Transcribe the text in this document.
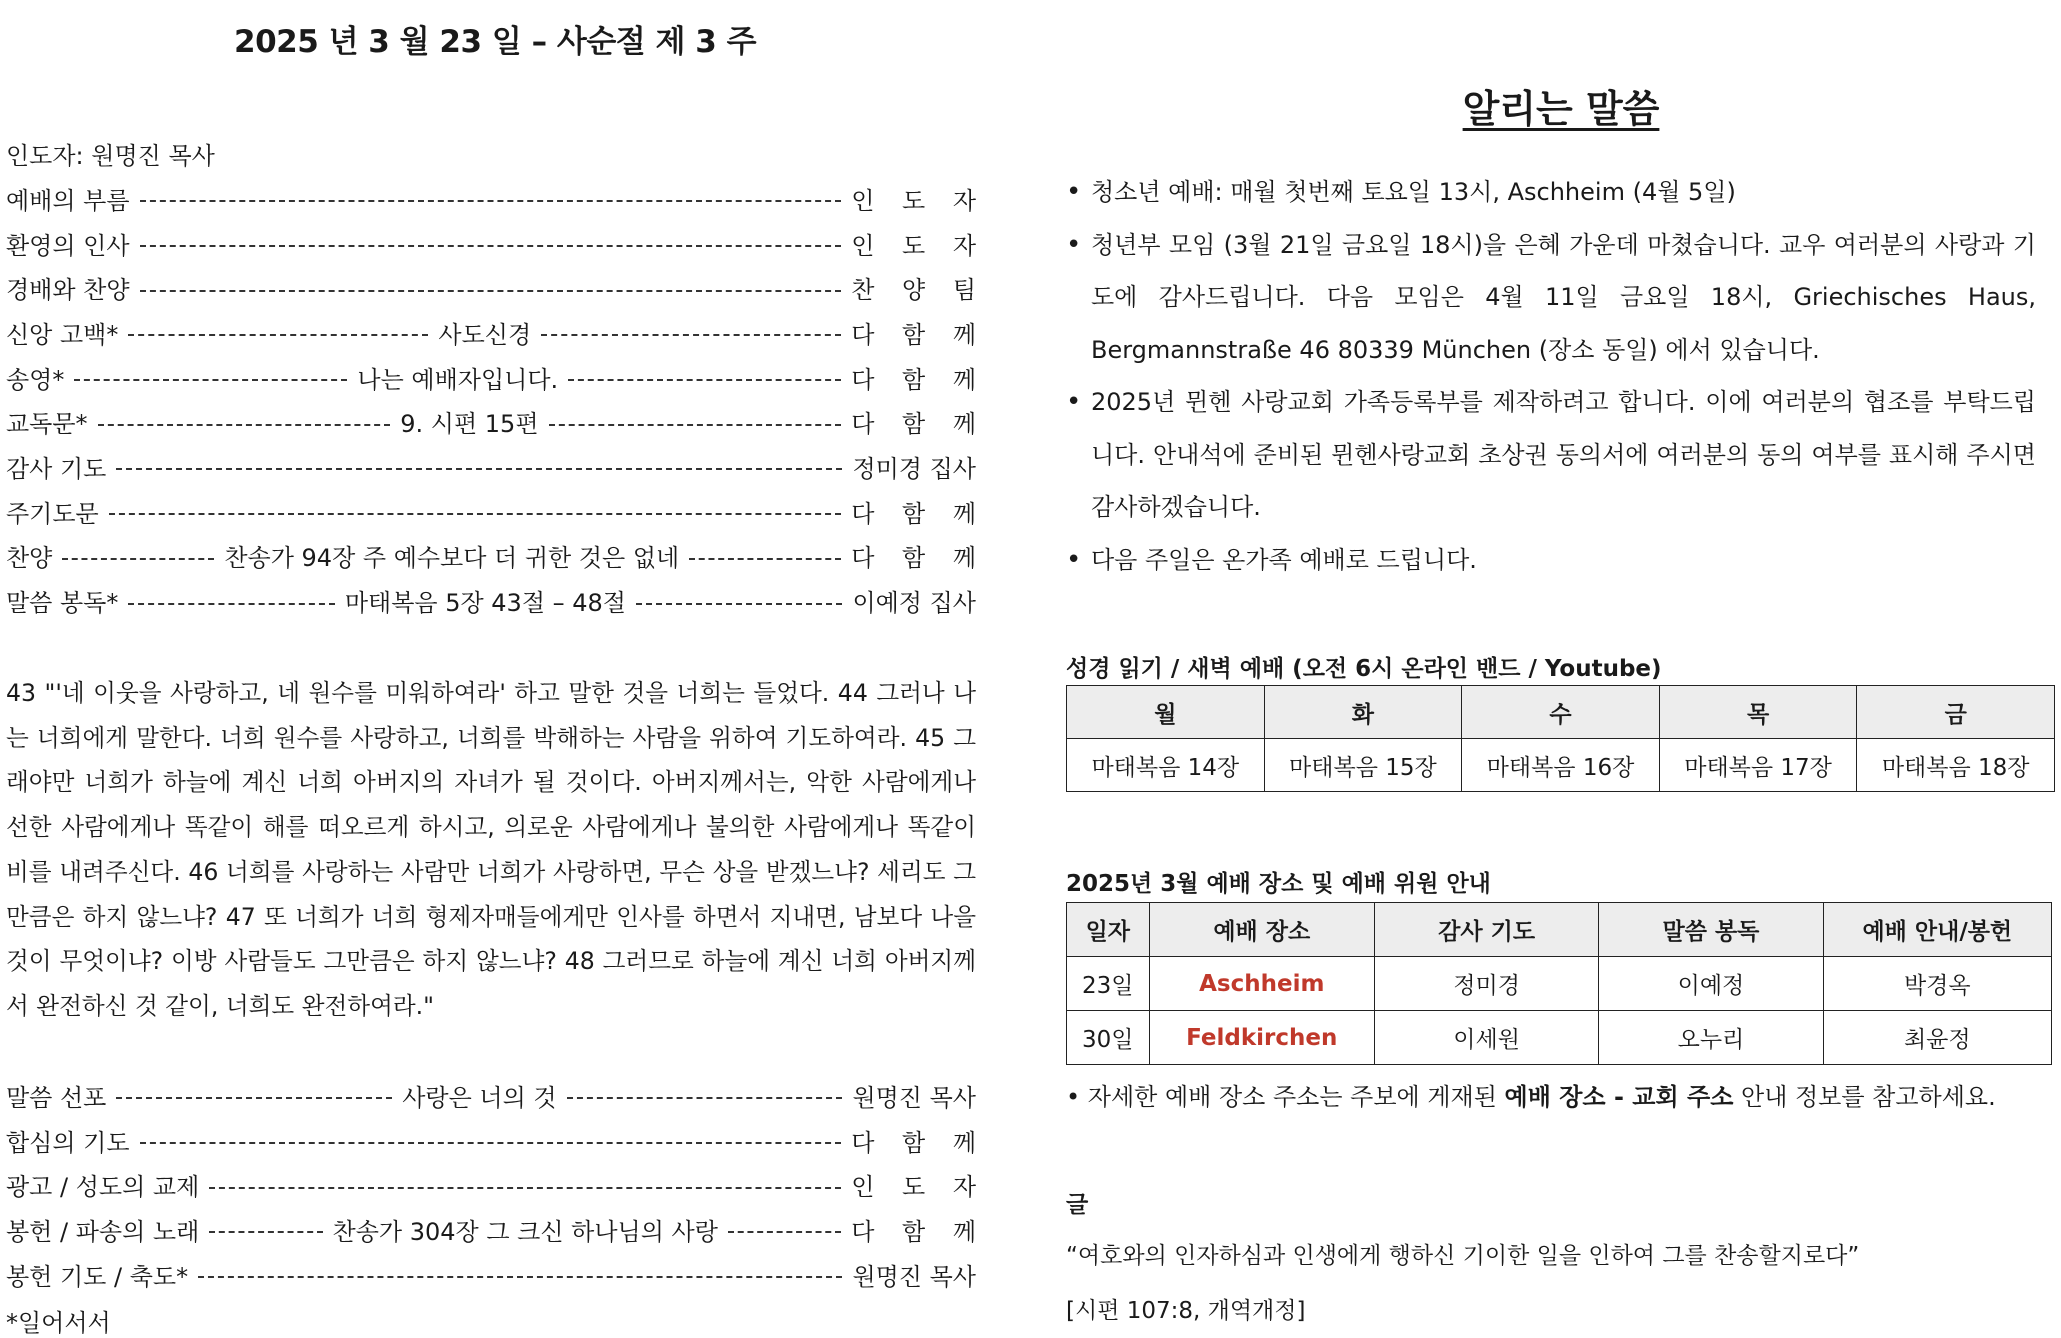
2025 년 3 월 23 일 – 사순절 제 3 주
인도자: 원명진 목사
예배의 부름	인 도 자
환영의 인사	인 도 자
경배와 찬양	찬 양 팀
신앙 고백*	사도신경	다 함 께
송영*	나는 예배자입니다.	다 함 께
교독문*	9. 시편 15편	다 함 께
감사 기도	정미경 집사
주기도문	다 함 께
찬양	찬송가 94장 주 예수보다 더 귀한 것은 없네	다 함 께
말씀 봉독*	마태복음 5장 43절 – 48절	이예정 집사
43 "'네 이웃을 사랑하고, 네 원수를 미워하여라' 하고 말한 것을 너희는 들었다. 44 그러나 나는 너희에게 말한다. 너희 원수를 사랑하고, 너희를 박해하는 사람을 위하여 기도하여라. 45 그래야만 너희가 하늘에 계신 너희 아버지의 자녀가 될 것이다. 아버지께서는, 악한 사람에게나 선한 사람에게나 똑같이 해를 떠오르게 하시고, 의로운 사람에게나 불의한 사람에게나 똑같이 비를 내려주신다. 46 너희를 사랑하는 사람만 너희가 사랑하면, 무슨 상을 받겠느냐? 세리도 그만큼은 하지 않느냐? 47 또 너희가 너희 형제자매들에게만 인사를 하면서 지내면, 남보다 나을 것이 무엇이냐? 이방 사람들도 그만큼은 하지 않느냐? 48 그러므로 하늘에 계신 너희 아버지께서 완전하신 것 같이, 너희도 완전하여라."
말씀 선포	사랑은 너의 것	원명진 목사
합심의 기도	다 함 께
광고 / 성도의 교제	인 도 자
봉헌 / 파송의 노래	찬송가 304장 그 크신 하나님의 사랑	다 함 께
봉헌 기도 / 축도*	원명진 목사
*일어서서
알리는 말씀
• 청소년 예배: 매월 첫번째 토요일 13시, Aschheim (4월 5일)
• 청년부 모임 (3월 21일 금요일 18시)을 은혜 가운데 마쳤습니다. 교우 여러분의 사랑과 기도에 감사드립니다. 다음 모임은 4월 11일 금요일 18시, Griechisches Haus, Bergmannstraße 46 80339 München (장소 동일) 에서 있습니다.
• 2025년 뮌헨 사랑교회 가족등록부를 제작하려고 합니다. 이에 여러분의 협조를 부탁드립니다. 안내석에 준비된 뮌헨사랑교회 초상권 동의서에 여러분의 동의 여부를 표시해 주시면 감사하겠습니다.
• 다음 주일은 온가족 예배로 드립니다.
성경 읽기 / 새벽 예배 (오전 6시 온라인 밴드 / Youtube)
월	화	수	목	금
마태복음 14장	마태복음 15장	마태복음 16장	마태복음 17장	마태복음 18장
2025년 3월 예배 장소 및 예배 위원 안내
일자	예배 장소	감사 기도	말씀 봉독	예배 안내/봉헌
23일	Aschheim	정미경	이예정	박경옥
30일	Feldkirchen	이세원	오누리	최윤정
• 자세한 예배 장소 주소는 주보에 게재된 예배 장소 - 교회 주소 안내 정보를 참고하세요.
글
“여호와의 인자하심과 인생에게 행하신 기이한 일을 인하여 그를 찬송할지로다”
[시편 107:8, 개역개정]
